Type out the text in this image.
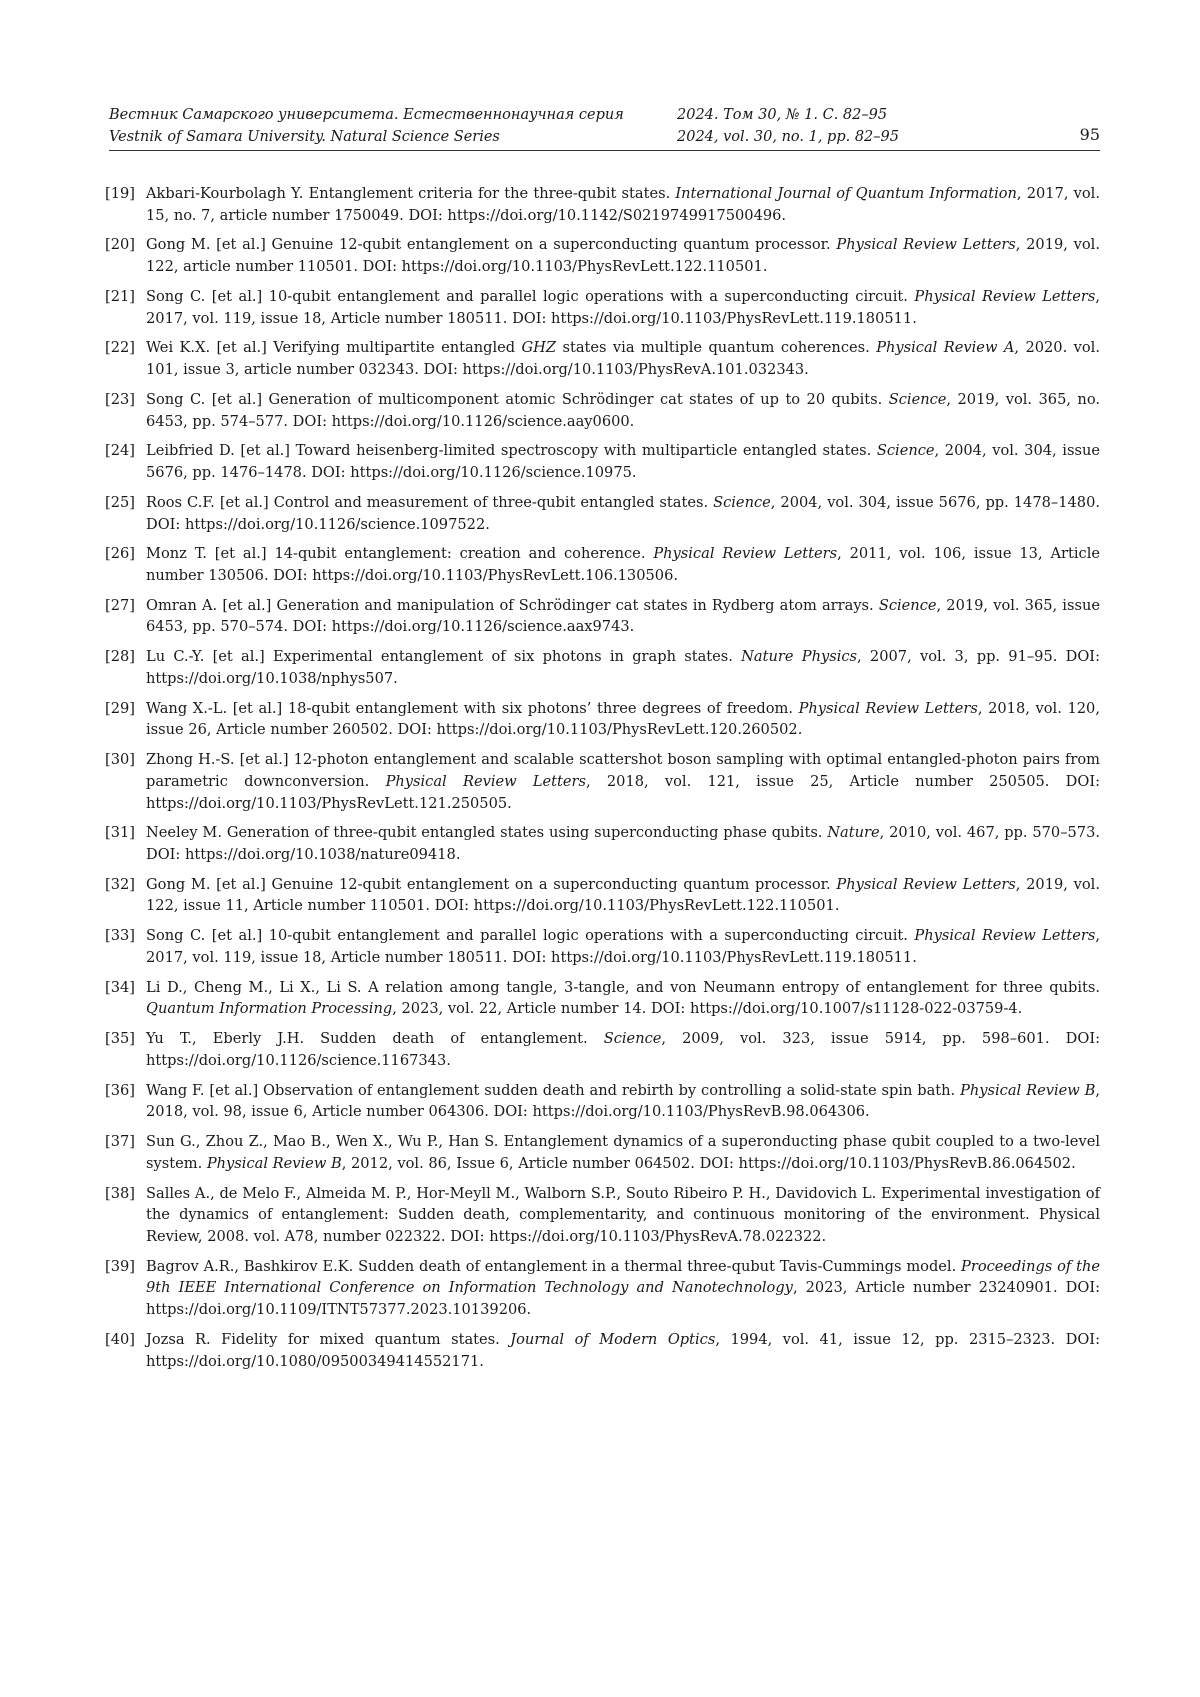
Вестник Самарского университета. Естественнонаучная серия	2024. Том 30, № 1. С. 82–95
Vestnik of Samara University. Natural Science Series	2024, vol. 30, no. 1, pp. 82–95	95
[19] Akbari-Kourbolagh Y. Entanglement criteria for the three-qubit states. International Journal of Quantum Information, 2017, vol. 15, no. 7, article number 1750049. DOI: https://doi.org/10.1142/S0219749917500496.
[20] Gong M. [et al.] Genuine 12-qubit entanglement on a superconducting quantum processor. Physical Review Letters, 2019, vol. 122, article number 110501. DOI: https://doi.org/10.1103/PhysRevLett.122.110501.
[21] Song C. [et al.] 10-qubit entanglement and parallel logic operations with a superconducting circuit. Physical Review Letters, 2017, vol. 119, issue 18, Article number 180511. DOI: https://doi.org/10.1103/PhysRevLett.119.180511.
[22] Wei K.X. [et al.] Verifying multipartite entangled GHZ states via multiple quantum coherences. Physical Review A, 2020. vol. 101, issue 3, article number 032343. DOI: https://doi.org/10.1103/PhysRevA.101.032343.
[23] Song C. [et al.] Generation of multicomponent atomic Schrödinger cat states of up to 20 qubits. Science, 2019, vol. 365, no. 6453, pp. 574–577. DOI: https://doi.org/10.1126/science.aay0600.
[24] Leibfried D. [et al.] Toward heisenberg-limited spectroscopy with multiparticle entangled states. Science, 2004, vol. 304, issue 5676, pp. 1476–1478. DOI: https://doi.org/10.1126/science.10975.
[25] Roos C.F. [et al.] Control and measurement of three-qubit entangled states. Science, 2004, vol. 304, issue 5676, pp. 1478–1480. DOI: https://doi.org/10.1126/science.1097522.
[26] Monz T. [et al.] 14-qubit entanglement: creation and coherence. Physical Review Letters, 2011, vol. 106, issue 13, Article number 130506. DOI: https://doi.org/10.1103/PhysRevLett.106.130506.
[27] Omran A. [et al.] Generation and manipulation of Schrödinger cat states in Rydberg atom arrays. Science, 2019, vol. 365, issue 6453, pp. 570–574. DOI: https://doi.org/10.1126/science.aax9743.
[28] Lu C.-Y. [et al.] Experimental entanglement of six photons in graph states. Nature Physics, 2007, vol. 3, pp. 91–95. DOI: https://doi.org/10.1038/nphys507.
[29] Wang X.-L. [et al.] 18-qubit entanglement with six photons’ three degrees of freedom. Physical Review Letters, 2018, vol. 120, issue 26, Article number 260502. DOI: https://doi.org/10.1103/PhysRevLett.120.260502.
[30] Zhong H.-S. [et al.] 12-photon entanglement and scalable scattershot boson sampling with optimal entangled-photon pairs from parametric downconversion. Physical Review Letters, 2018, vol. 121, issue 25, Article number 250505. DOI: https://doi.org/10.1103/PhysRevLett.121.250505.
[31] Neeley M. Generation of three-qubit entangled states using superconducting phase qubits. Nature, 2010, vol. 467, pp. 570–573. DOI: https://doi.org/10.1038/nature09418.
[32] Gong M. [et al.] Genuine 12-qubit entanglement on a superconducting quantum processor. Physical Review Letters, 2019, vol. 122, issue 11, Article number 110501. DOI: https://doi.org/10.1103/PhysRevLett.122.110501.
[33] Song C. [et al.] 10-qubit entanglement and parallel logic operations with a superconducting circuit. Physical Review Letters, 2017, vol. 119, issue 18, Article number 180511. DOI: https://doi.org/10.1103/PhysRevLett.119.180511.
[34] Li D., Cheng M., Li X., Li S. A relation among tangle, 3-tangle, and von Neumann entropy of entanglement for three qubits. Quantum Information Processing, 2023, vol. 22, Article number 14. DOI: https://doi.org/10.1007/s11128-022-03759-4.
[35] Yu T., Eberly J.H. Sudden death of entanglement. Science, 2009, vol. 323, issue 5914, pp. 598–601. DOI: https://doi.org/10.1126/science.1167343.
[36] Wang F. [et al.] Observation of entanglement sudden death and rebirth by controlling a solid-state spin bath. Physical Review B, 2018, vol. 98, issue 6, Article number 064306. DOI: https://doi.org/10.1103/PhysRevB.98.064306.
[37] Sun G., Zhou Z., Mao B., Wen X., Wu P., Han S. Entanglement dynamics of a superonducting phase qubit coupled to a two-level system. Physical Review B, 2012, vol. 86, Issue 6, Article number 064502. DOI: https://doi.org/10.1103/PhysRevB.86.064502.
[38] Salles A., de Melo F., Almeida M. P., Hor-Meyll M., Walborn S.P., Souto Ribeiro P. H., Davidovich L. Experimental investigation of the dynamics of entanglement: Sudden death, complementarity, and continuous monitoring of the environment. Physical Review, 2008. vol. A78, number 022322. DOI: https://doi.org/10.1103/PhysRevA.78.022322.
[39] Bagrov A.R., Bashkirov E.K. Sudden death of entanglement in a thermal three-qubut Tavis-Cummings model. Proceedings of the 9th IEEE International Conference on Information Technology and Nanotechnology, 2023, Article number 23240901. DOI: https://doi.org/10.1109/ITNT57377.2023.10139206.
[40] Jozsa R. Fidelity for mixed quantum states. Journal of Modern Optics, 1994, vol. 41, issue 12, pp. 2315–2323. DOI: https://doi.org/10.1080/09500349414552171.
